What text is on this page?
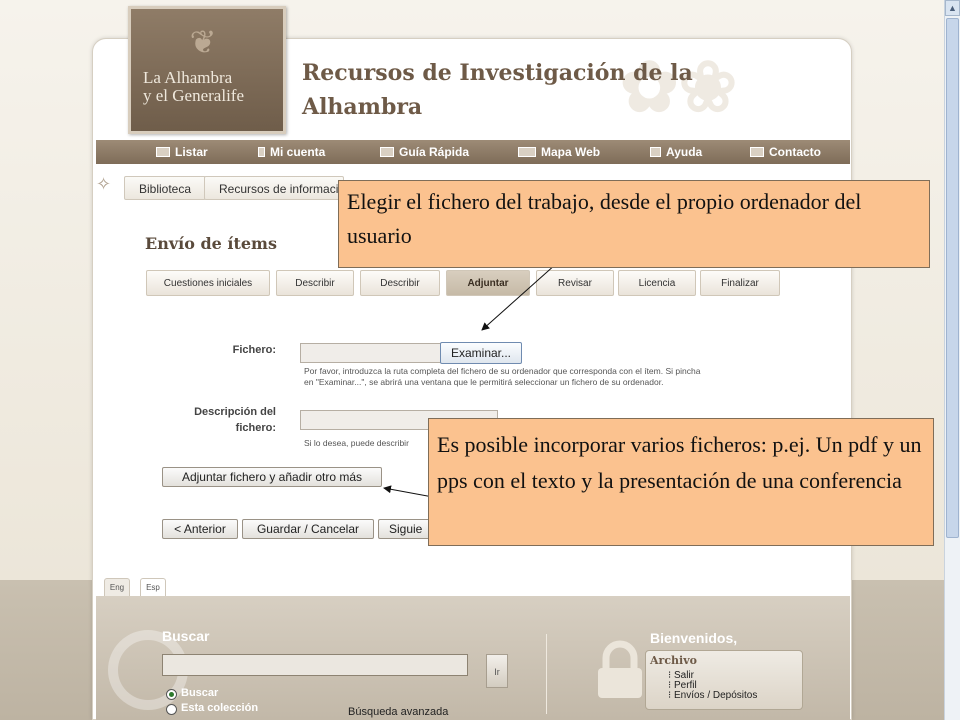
✿❀
▲
❦
La Alhambra
y el Generalife
Recursos de Investigación de la
Alhambra
Listar	Mi cuenta	Guía Rápida	Mapa Web	Ayuda	Contacto
✧	Biblioteca	Recursos de informaci
Envío de ítems
Cuestiones iniciales	Describir	Describir	Adjuntar	Revisar	Licencia	Finalizar
Fichero:	Examinar...
Por favor, introduzca la ruta completa del fichero de su ordenador que corresponda con el ítem. Si pincha
en "Examinar...", se abrirá una ventana que le permitirá seleccionar un fichero de su ordenador.
Descripción del
fichero:
Si lo desea, puede describir
Adjuntar fichero y añadir otro más
< Anterior	Guardar / Cancelar	Siguie
Elegir el fichero del trabajo, desde el propio ordenador del usuario
Es posible incorporar varios ficheros: p.ej. Un pdf y un pps con el texto y la presentación de una conferencia
Eng	Esp
Buscar
Ir
Buscar
Esta colección	Búsqueda avanzada
Bienvenidos,
Archivo
⁝ Salir
⁝ Perfil
⁝ Envíos / Depósitos
